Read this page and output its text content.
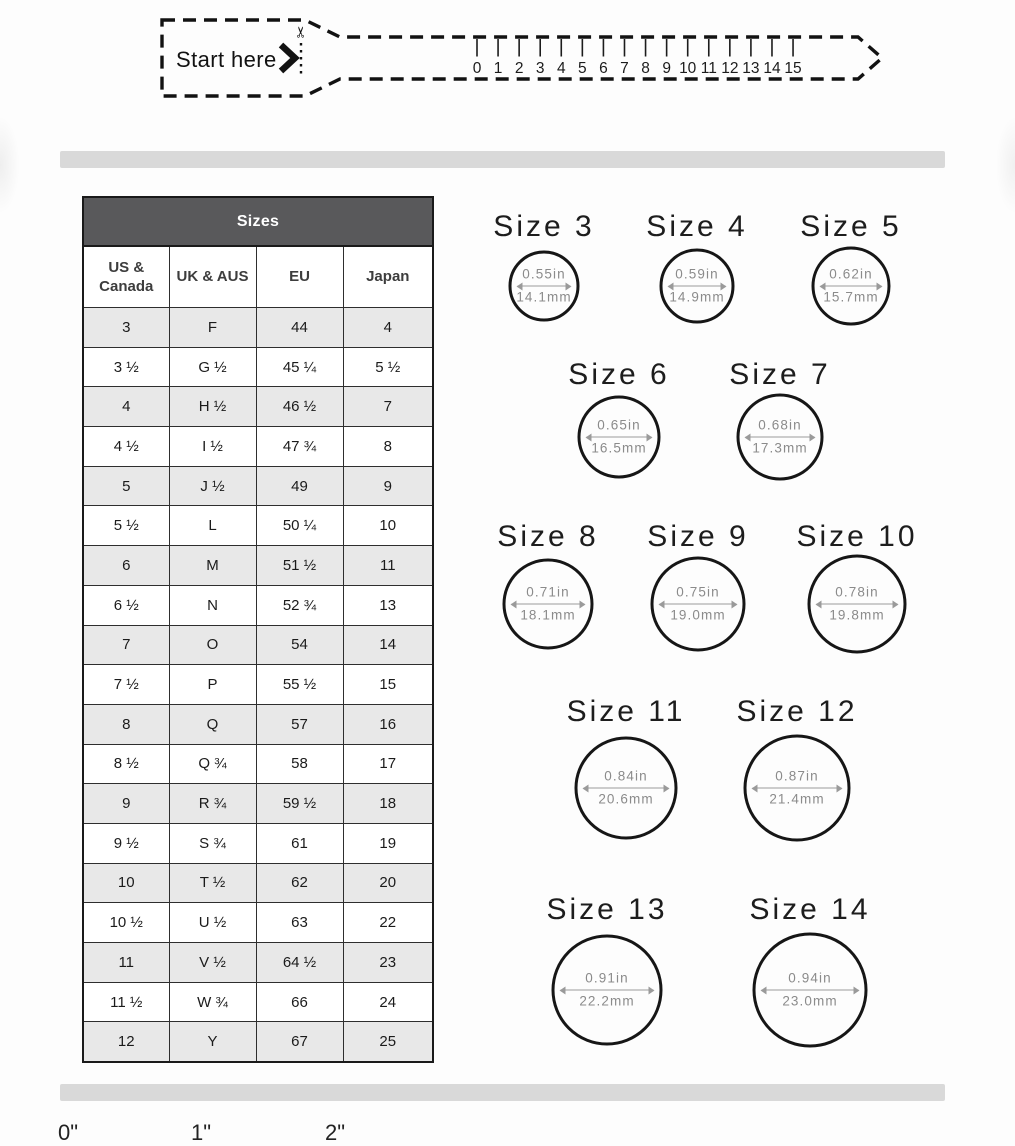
Start here
✂
0 1 2 3 4 5 6 7 8 9 10 11 12 13 14 15
Sizes			
US & Canada	UK & AUS	EU	Japan
3	F	44	4
3 ½	G ½	45 ¼	5 ½
4	H ½	46 ½	7
4 ½	I ½	47 ¾	8
5	J ½	49	9
5 ½	L	50 ¼	10
6	M	51 ½	11
6 ½	N	52 ¾	13
7	O	54	14
7 ½	P	55 ½	15
8	Q	57	16
8 ½	Q ¾	58	17
9	R ¾	59 ½	18
9 ½	S ¾	61	19
10	T ½	62	20
10 ½	U ½	63	22
11	V ½	64 ½	23
11 ½	W ¾	66	24
12	Y	67	25
Size 3
0.55in
14.1mm
Size 4
0.59in
14.9mm
Size 5
0.62in
15.7mm
Size 6
0.65in
16.5mm
Size 7
0.68in
17.3mm
Size 8
0.71in
18.1mm
Size 9
0.75in
19.0mm
Size 10
0.78in
19.8mm
Size 11
0.84in
20.6mm
Size 12
0.87in
21.4mm
Size 13
0.91in
22.2mm
Size 14
0.94in
23.0mm
0"	1"	2"
